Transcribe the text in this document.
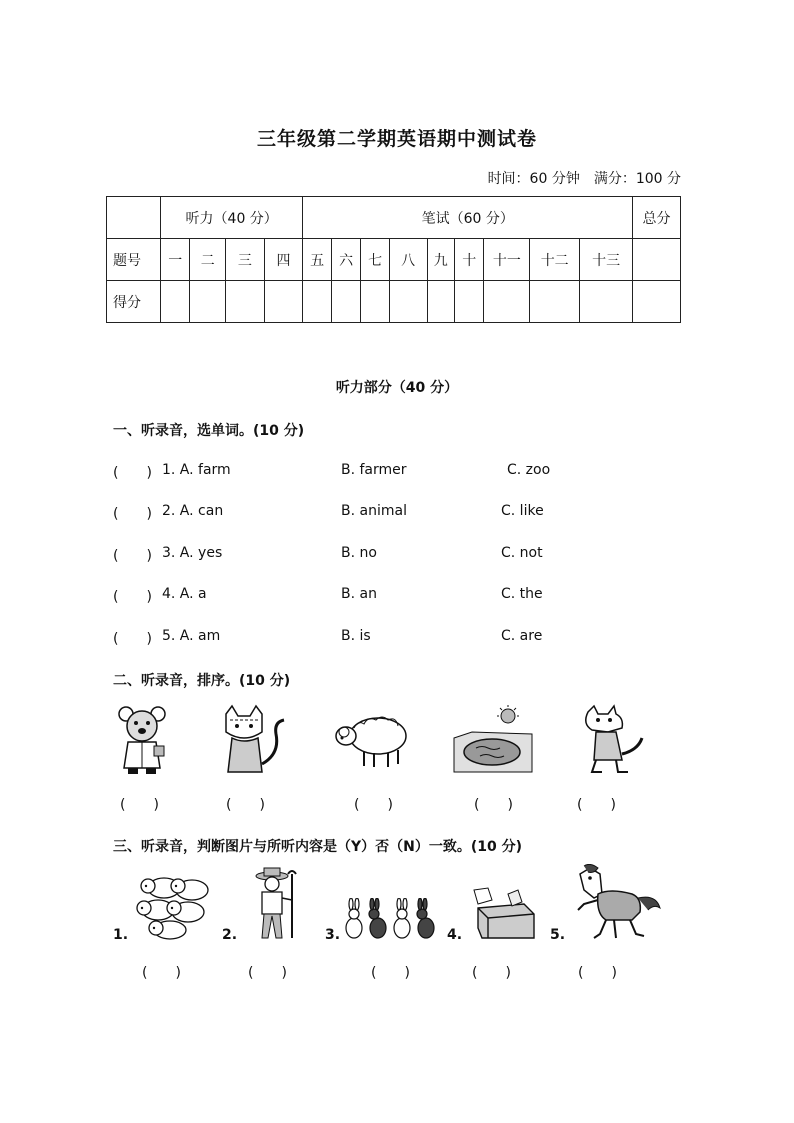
三年级第二学期英语期中测试卷
时间：60 分钟　满分：100 分
	听力（40 分）				笔试（60 分）									总分
题号	一	二	三	四	五	六	七	八	九	十	十一	十二	十三	
得分														
听力部分（40 分）
一、听录音，选单词。(10 分)
(　　) 1. A. farm	B. farmer	C. zoo
(　　) 2. A. can	B. animal	C. like
(　　) 3. A. yes	B. no	C. not
(　　) 4. A. a	B. an	C. the
(　　) 5. A. am	B. is	C. are
二、听录音，排序。(10 分)
(　　)	(　　)	(　　)	(　　)	(　　)
三、听录音，判断图片与所听内容是（Y）否（N）一致。(10 分)
1.	2.	3.	4.	5.
(　　)	(　　)	(　　)	(　　)	(　　)
